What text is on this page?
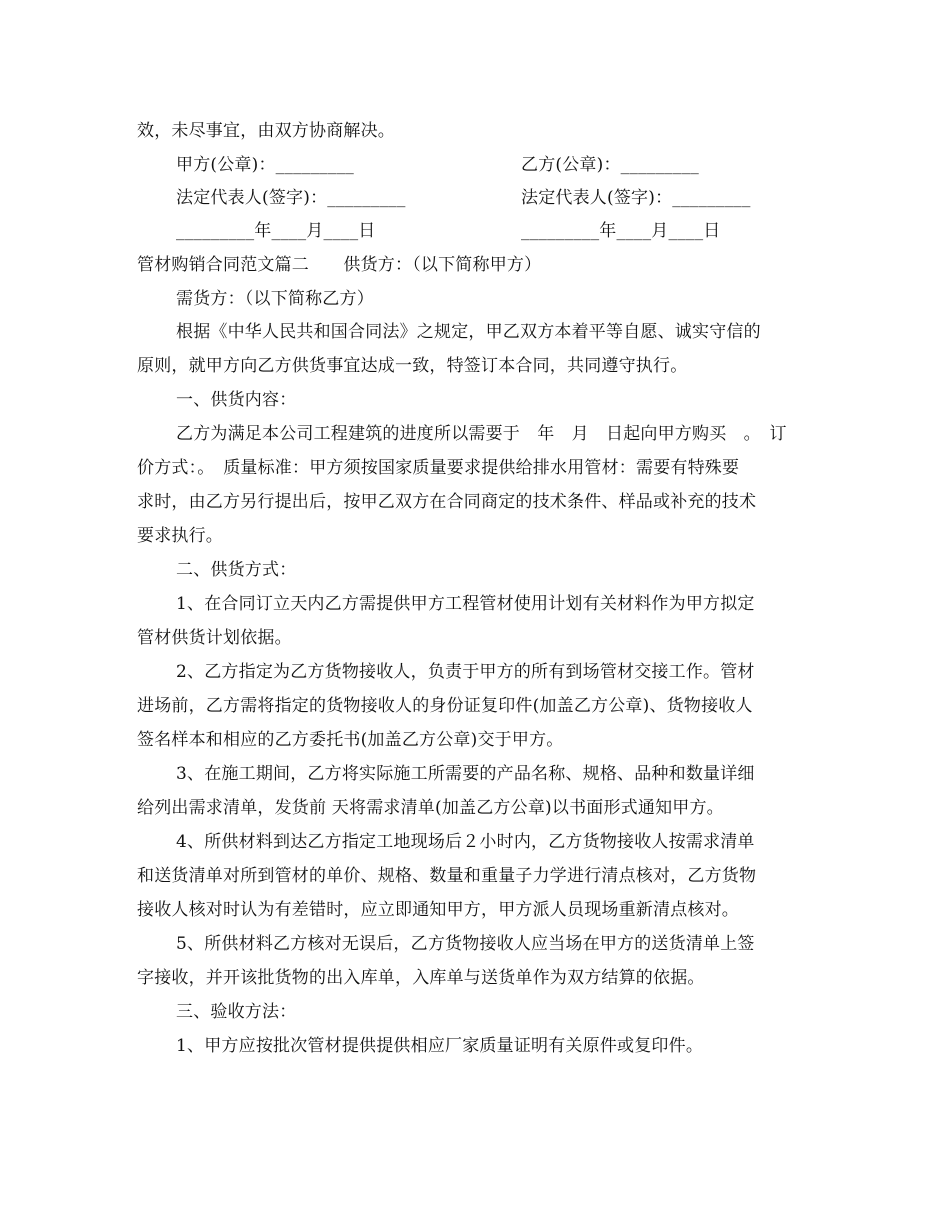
效，未尽事宜，由双方协商解决。
甲方(公章)：_________	乙方(公章)：_________
法定代表人(签字)：_________	法定代表人(签字)：_________
_________年____月____日	_________年____月____日
管材购销合同范文篇二　　供货方：（以下简称甲方）
需货方：（以下简称乙方）
根据《中华人民共和国合同法》之规定，甲乙双方本着平等自愿、诚实守信的
原则，就甲方向乙方供货事宜达成一致，特签订本合同，共同遵守执行。
一、供货内容：
乙方为满足本公司工程建筑的进度所以需要于　年　月　日起向甲方购买　。　订
价方式：。　质量标准：甲方须按国家质量要求提供给排水用管材：需要有特殊要
求时，由乙方另行提出后，按甲乙双方在合同商定的技术条件、样品或补充的技术
要求执行。
二、供货方式：
1、在合同订立天内乙方需提供甲方工程管材使用计划有关材料作为甲方拟定
管材供货计划依据。
2、乙方指定为乙方货物接收人，负责于甲方的所有到场管材交接工作。管材
进场前，乙方需将指定的货物接收人的身份证复印件(加盖乙方公章)、货物接收人
签名样本和相应的乙方委托书(加盖乙方公章)交于甲方。
3、在施工期间，乙方将实际施工所需要的产品名称、规格、品种和数量详细
给列出需求清单，发货前 天将需求清单(加盖乙方公章)以书面形式通知甲方。
4、所供材料到达乙方指定工地现场后２小时内，乙方货物接收人按需求清单
和送货清单对所到管材的单价、规格、数量和重量子力学进行清点核对，乙方货物
接收人核对时认为有差错时，应立即通知甲方，甲方派人员现场重新清点核对。
5、所供材料乙方核对无误后，乙方货物接收人应当场在甲方的送货清单上签
字接收，并开该批货物的出入库单，入库单与送货单作为双方结算的依据。
三、验收方法：
1、甲方应按批次管材提供提供相应厂家质量证明有关原件或复印件。
